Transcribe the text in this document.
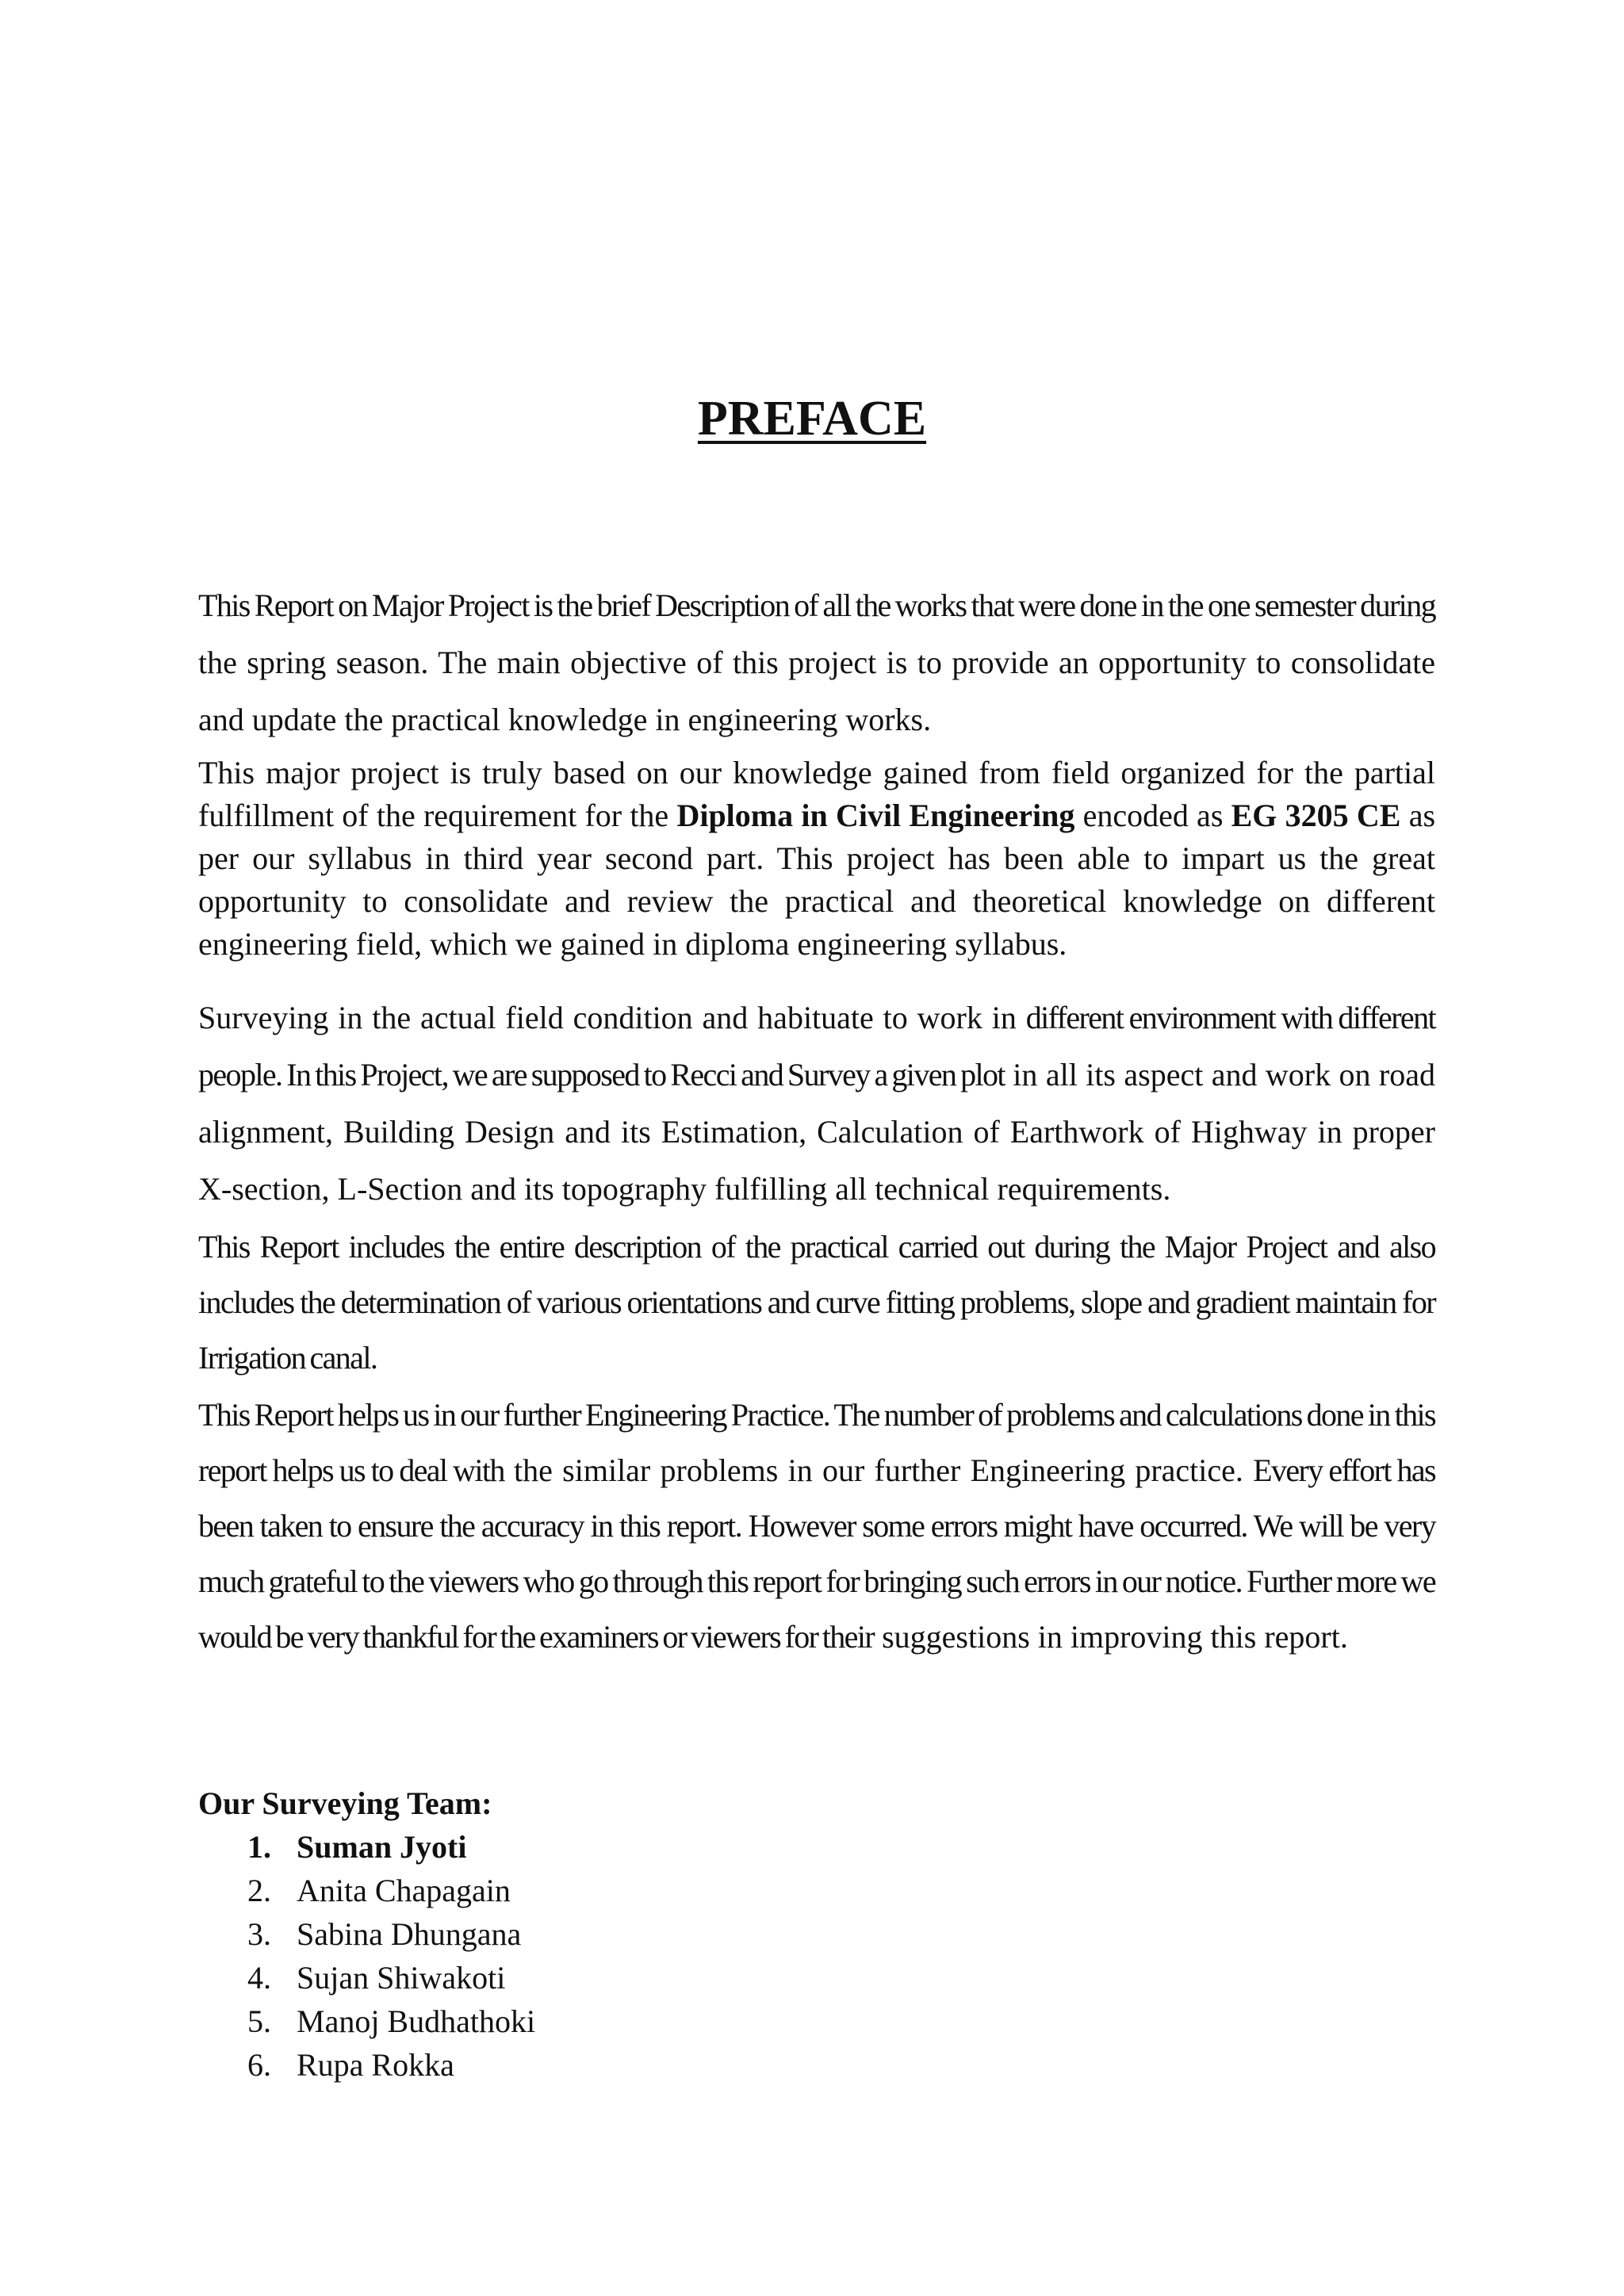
PREFACE

This Report on Major Project is the brief Description of all the works that were done in the one semester during the spring season. The main objective of this project is to provide an opportunity to consolidate and update the practical knowledge in engineering works.

This major project is truly based on our knowledge gained from field organized for the partial fulfillment of the requirement for the Diploma in Civil Engineering encoded as EG 3205 CE as per our syllabus in third year second part. This project has been able to impart us the great opportunity to consolidate and review the practical and theoretical knowledge on different engineering field, which we gained in diploma engineering syllabus.

Surveying in the actual field condition and habituate to work in different environment with different people. In this Project, we are supposed to Recci and Survey a given plot in all its aspect and work on road alignment, Building Design and its Estimation, Calculation of Earthwork of Highway in proper X-section, L-Section and its topography fulfilling all technical requirements.

This Report includes the entire description of the practical carried out during the Major Project and also includes the determination of various orientations and curve fitting problems, slope and gradient maintain for Irrigation canal.

This Report helps us in our further Engineering Practice. The number of problems and calculations done in this report helps us to deal with the similar problems in our further Engineering practice. Every effort has been taken to ensure the accuracy in this report. However some errors might have occurred. We will be very much grateful to the viewers who go through this report for bringing such errors in our notice. Further more we would be very thankful for the examiners or viewers for their suggestions in improving this report.

Our Surveying Team:
1. Suman Jyoti
2. Anita Chapagain
3. Sabina Dhungana
4. Sujan Shiwakoti
5. Manoj Budhathoki
6. Rupa Rokka
